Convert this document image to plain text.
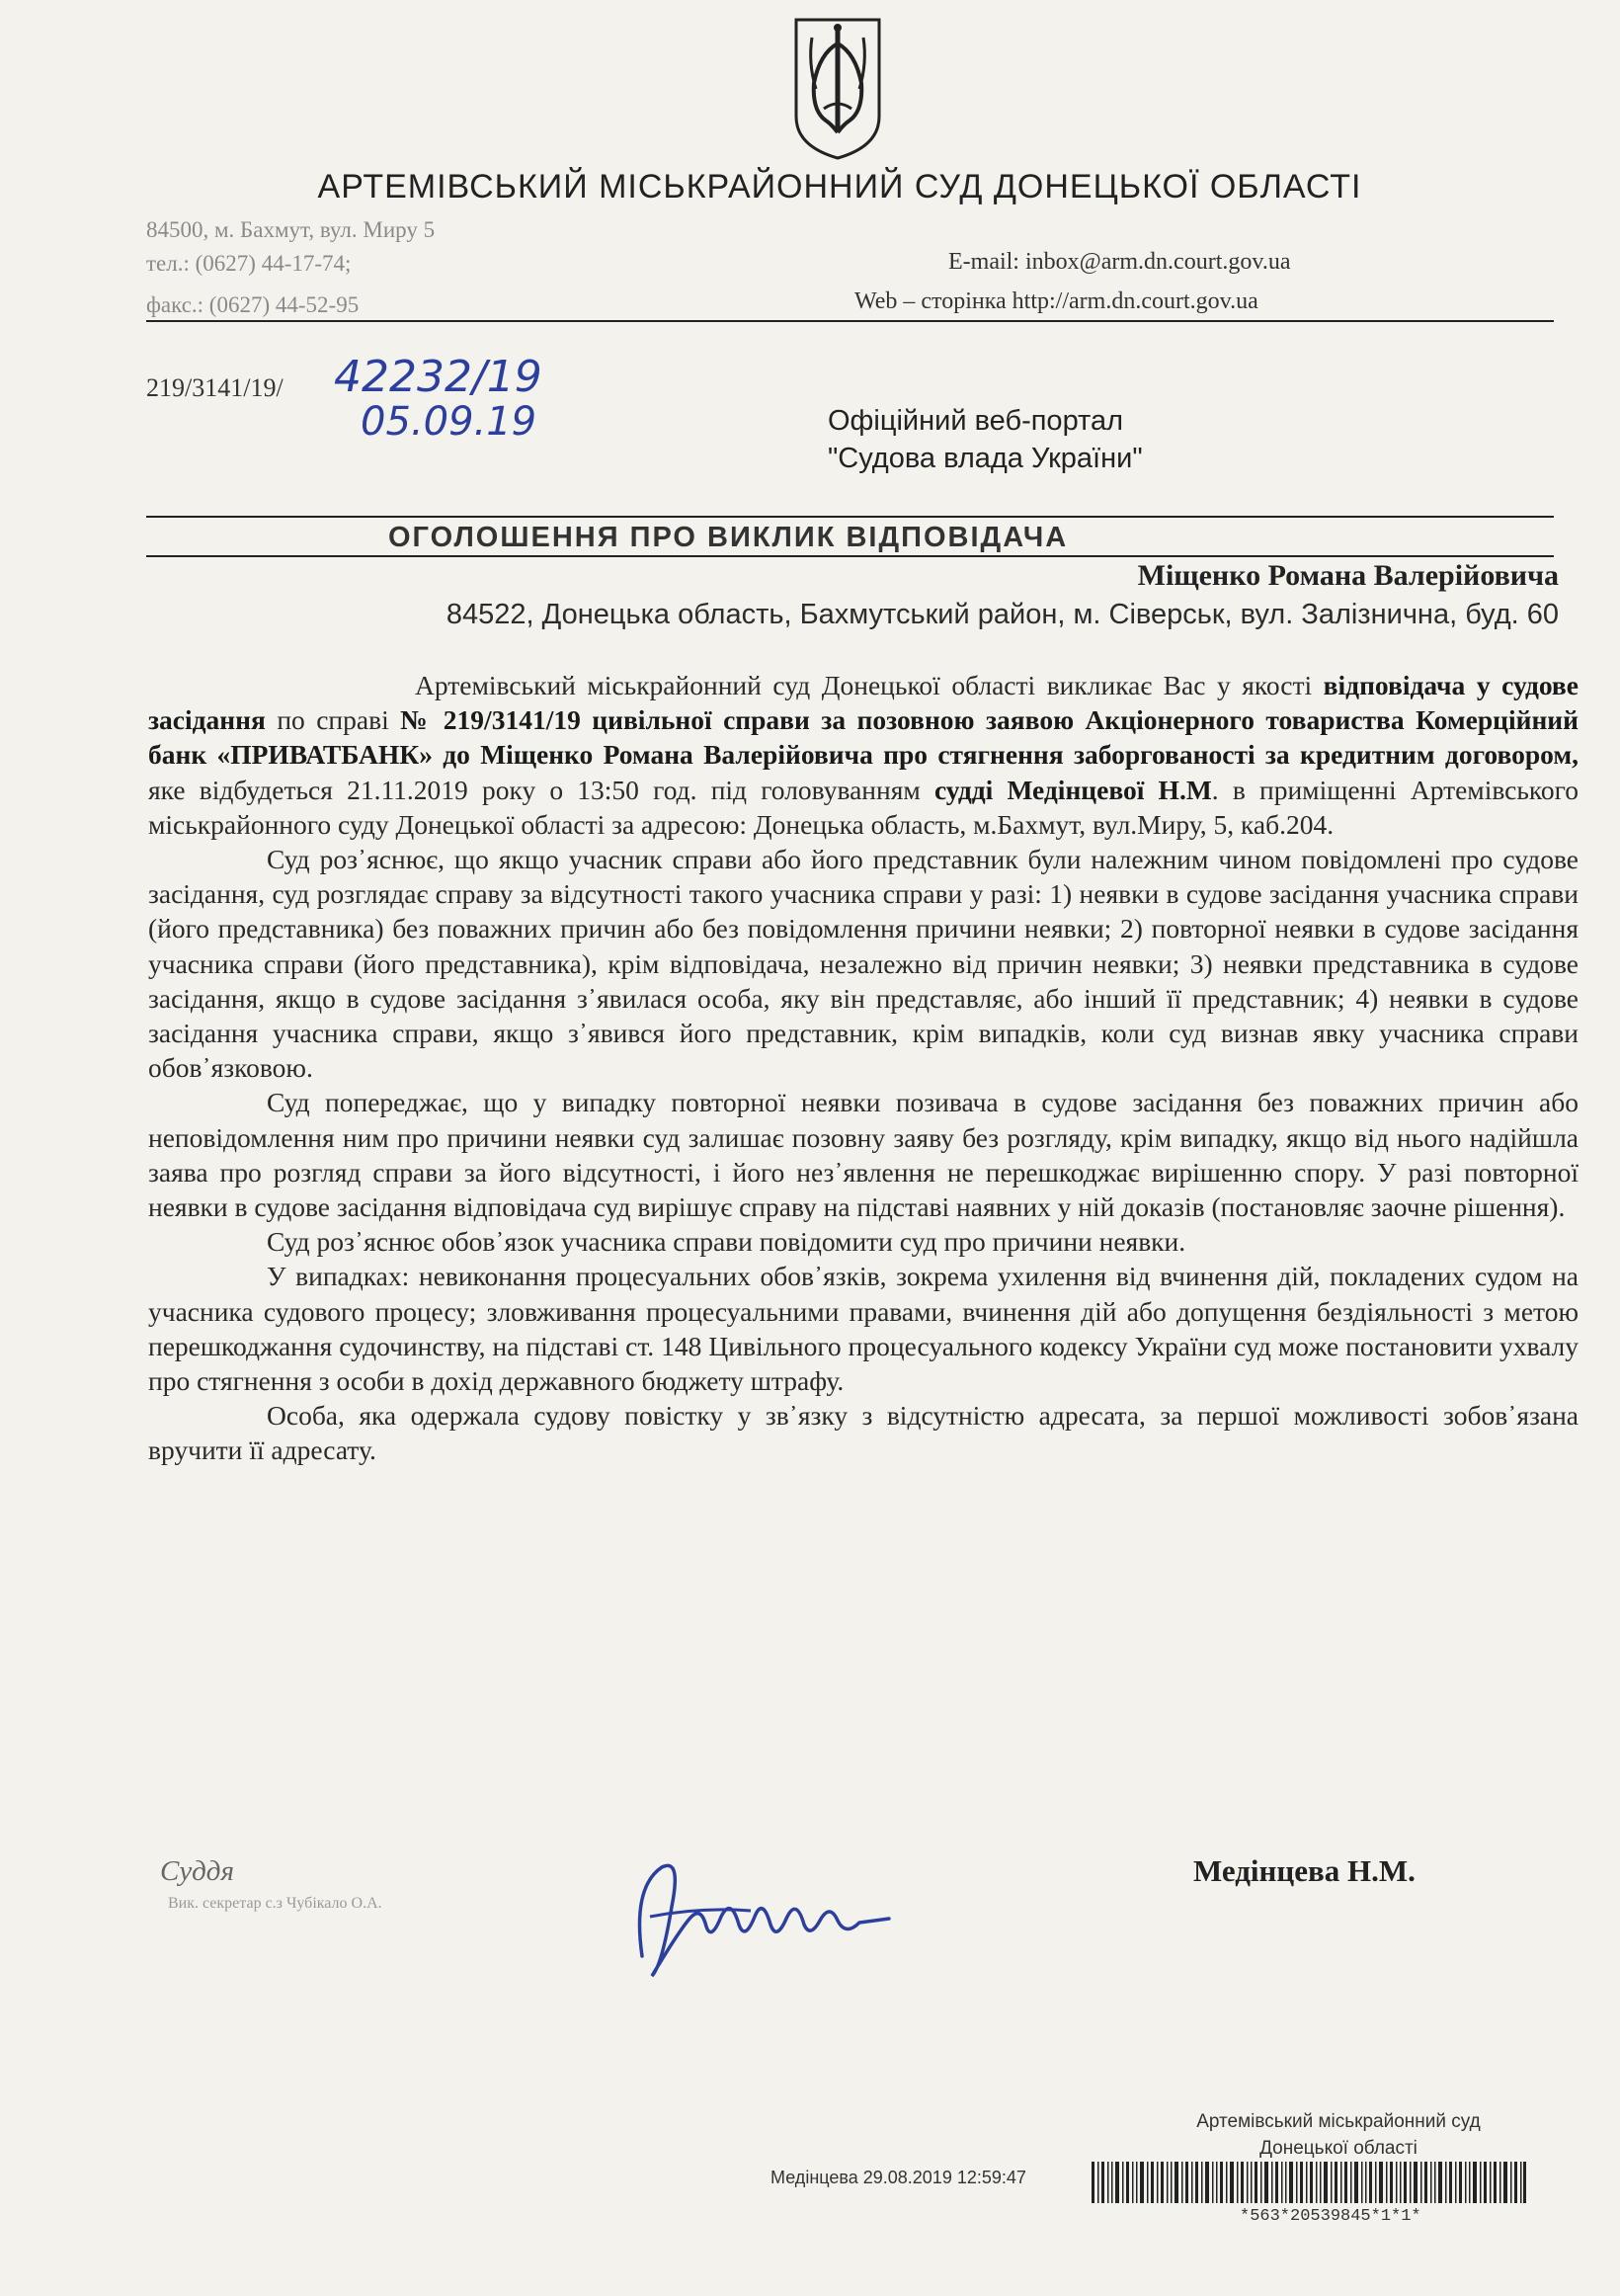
АРТЕМІВСЬКИЙ МІСЬКРАЙОННИЙ СУД ДОНЕЦЬКОЇ ОБЛАСТІ
84500, м. Бахмут, вул. Миру 5
тел.: (0627) 44-17-74;
факс.: (0627) 44-52-95
E-mail: inbox@arm.dn.court.gov.ua
Web – сторінка http://arm.dn.court.gov.ua
219/3141/19/ 42232/19
05.09.19	Офіційний веб-портал
"Судова влада України"
ОГОЛОШЕННЯ ПРО ВИКЛИК ВІДПОВІДАЧА
Міщенко Романа Валерійовича
84522, Донецька область, Бахмутський район, м. Сіверськ, вул. Залізнична, буд. 60

Артемівський міськрайонний суд Донецької області викликає Вас у якості відповідача у судове засідання по справі № 219/3141/19 цивільної справи за позовною заявою Акціонерного товариства Комерційний банк «ПРИВАТБАНК» до Міщенко Романа Валерійовича про стягнення заборгованості за кредитним договором, яке відбудеться 21.11.2019 року о 13:50 год. під головуванням судді Медінцевої Н.М. в приміщенні Артемівського міськрайонного суду Донецької області за адресою: Донецька область, м.Бахмут, вул.Миру, 5, каб.204.

Суд роз᾽яснює, що якщо учасник справи або його представник були належним чином повідомлені про судове засідання, суд розглядає справу за відсутності такого учасника справи у разі: 1) неявки в судове засідання учасника справи (його представника) без поважних причин або без повідомлення причини неявки; 2) повторної неявки в судове засідання учасника справи (його представника), крім відповідача, незалежно від причин неявки; 3) неявки представника в судове засідання, якщо в судове засідання з᾽явилася особа, яку він представляє, або інший її представник; 4) неявки в судове засідання учасника справи, якщо з᾽явився його представник, крім випадків, коли суд визнав явку учасника справи обов᾽язковою.

Суд попереджає, що у випадку повторної неявки позивача в судове засідання без поважних причин або неповідомлення ним про причини неявки суд залишає позовну заяву без розгляду, крім випадку, якщо від нього надійшла заява про розгляд справи за його відсутності, і його нез᾽явлення не перешкоджає вирішенню спору. У разі повторної неявки в судове засідання відповідача суд вирішує справу на підставі наявних у ній доказів (постановляє заочне рішення).

Суд роз᾽яснює обов᾽язок учасника справи повідомити суд про причини неявки.

У випадках: невиконання процесуальних обов᾽язків, зокрема ухилення від вчинення дій, покладених судом на учасника судового процесу; зловживання процесуальними правами, вчинення дій або допущення бездіяльності з метою перешкоджання судочинству, на підставі ст. 148 Цивільного процесуального кодексу України суд може постановити ухвалу про стягнення з особи в дохід державного бюджету штрафу.

Особа, яка одержала судову повістку у зв᾽язку з відсутністю адресата, за першої можливості зобов᾽язана вручити її адресату.

Суддя
Вик. секретар с.з Чубікало О.А.
Медінцева Н.М.
Артемівський міськрайонний суд
Донецької області
Медінцева 29.08.2019 12:59:47
*563*20539845*1*1*
